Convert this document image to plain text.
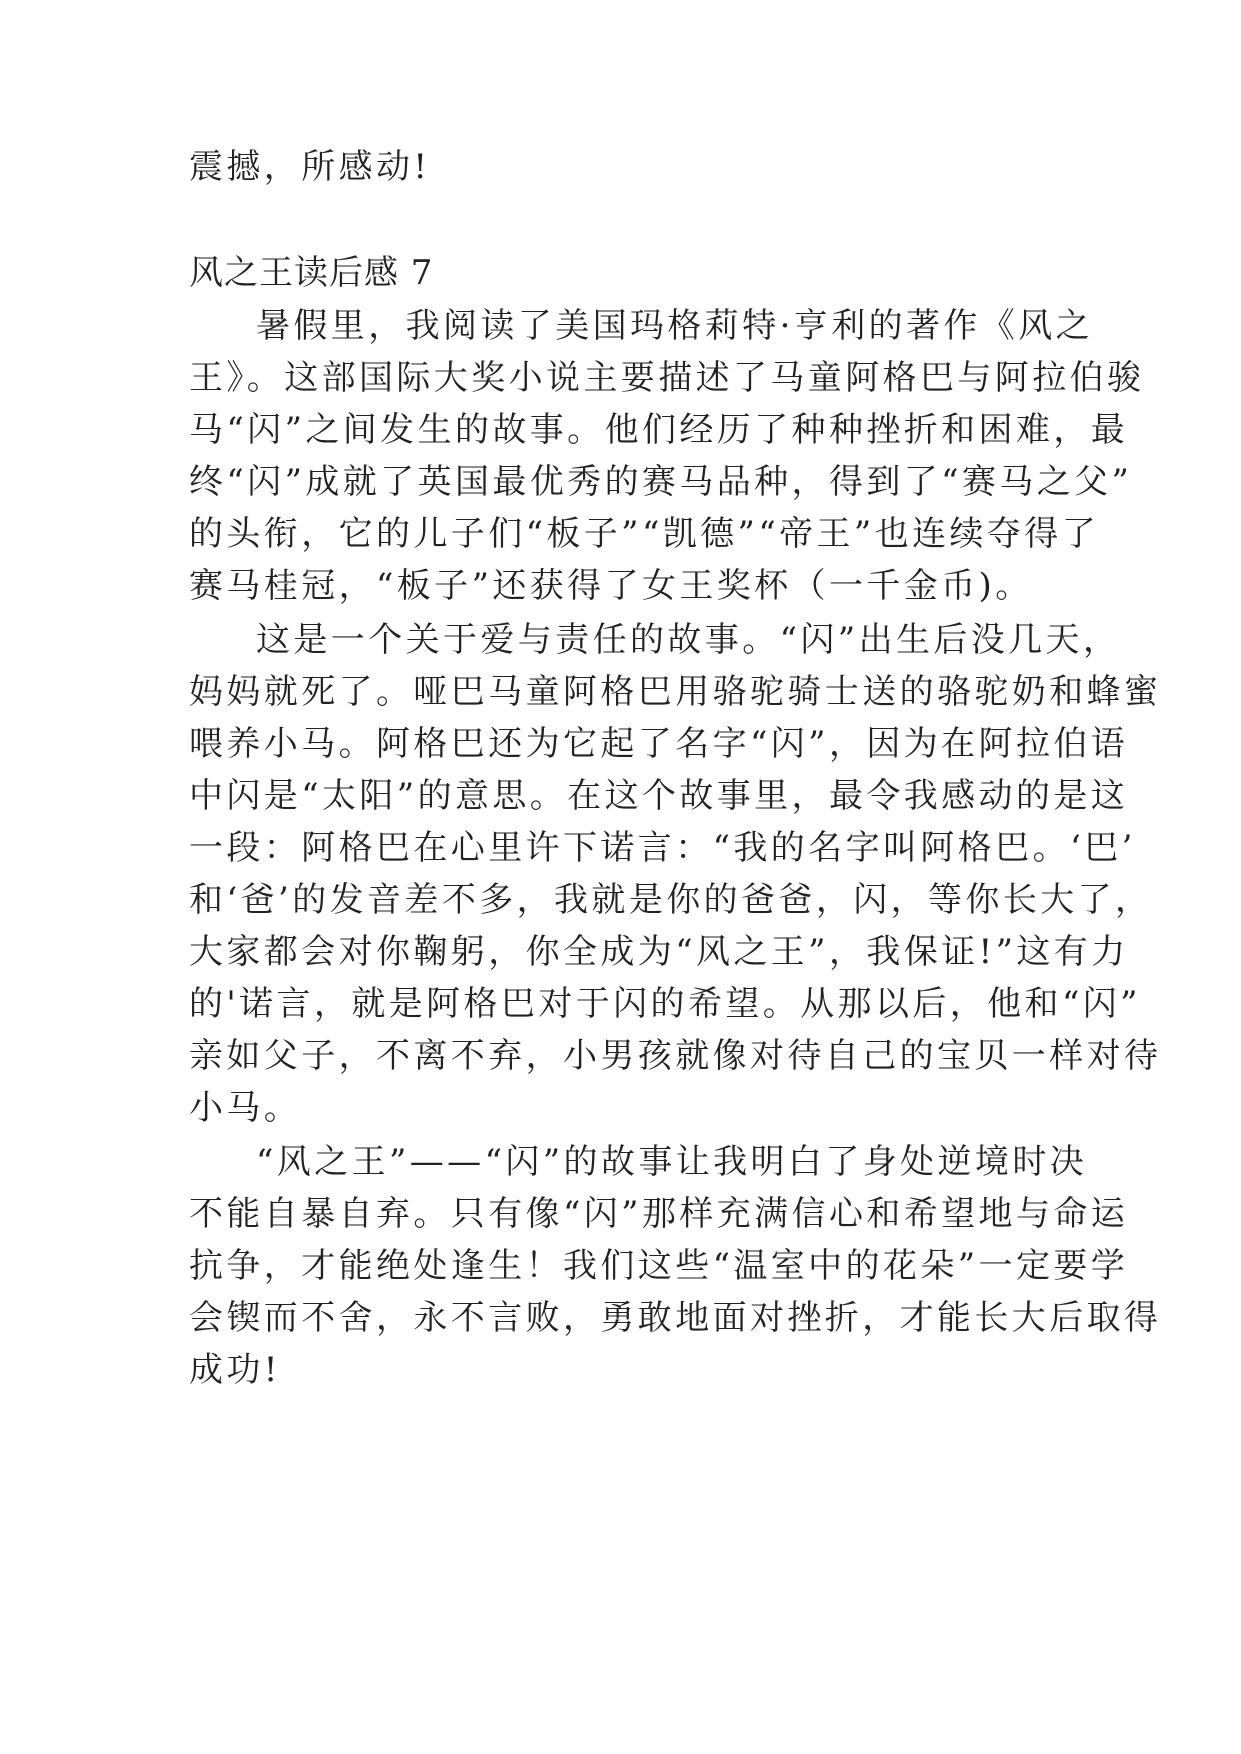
震撼，所感动!
风之王读后感 7
暑假里，我阅读了美国玛格莉特·亨利的著作《风之
王》。这部国际大奖小说主要描述了马童阿格巴与阿拉伯骏
马“闪”之间发生的故事。他们经历了种种挫折和困难，最
终“闪”成就了英国最优秀的赛马品种，得到了“赛马之父”
的头衔，它的儿子们“板子”“凯德”“帝王”也连续夺得了
赛马桂冠，“板子”还获得了女王奖杯（一千金币)。
这是一个关于爱与责任的故事。“闪”出生后没几天，
妈妈就死了。哑巴马童阿格巴用骆驼骑士送的骆驼奶和蜂蜜
喂养小马。阿格巴还为它起了名字“闪”，因为在阿拉伯语
中闪是“太阳”的意思。在这个故事里，最令我感动的是这
一段：阿格巴在心里许下诺言：“我的名字叫阿格巴。‘巴’
和‘爸’的发音差不多，我就是你的爸爸，闪，等你长大了，
大家都会对你鞠躬，你全成为“风之王”，我保证!”这有力
的'诺言，就是阿格巴对于闪的希望。从那以后，他和“闪”
亲如父子，不离不弃，小男孩就像对待自己的宝贝一样对待
小马。
“风之王”——“闪”的故事让我明白了身处逆境时决
不能自暴自弃。只有像“闪”那样充满信心和希望地与命运
抗争，才能绝处逢生！我们这些“温室中的花朵”一定要学
会锲而不舍，永不言败，勇敢地面对挫折，才能长大后取得
成功!
